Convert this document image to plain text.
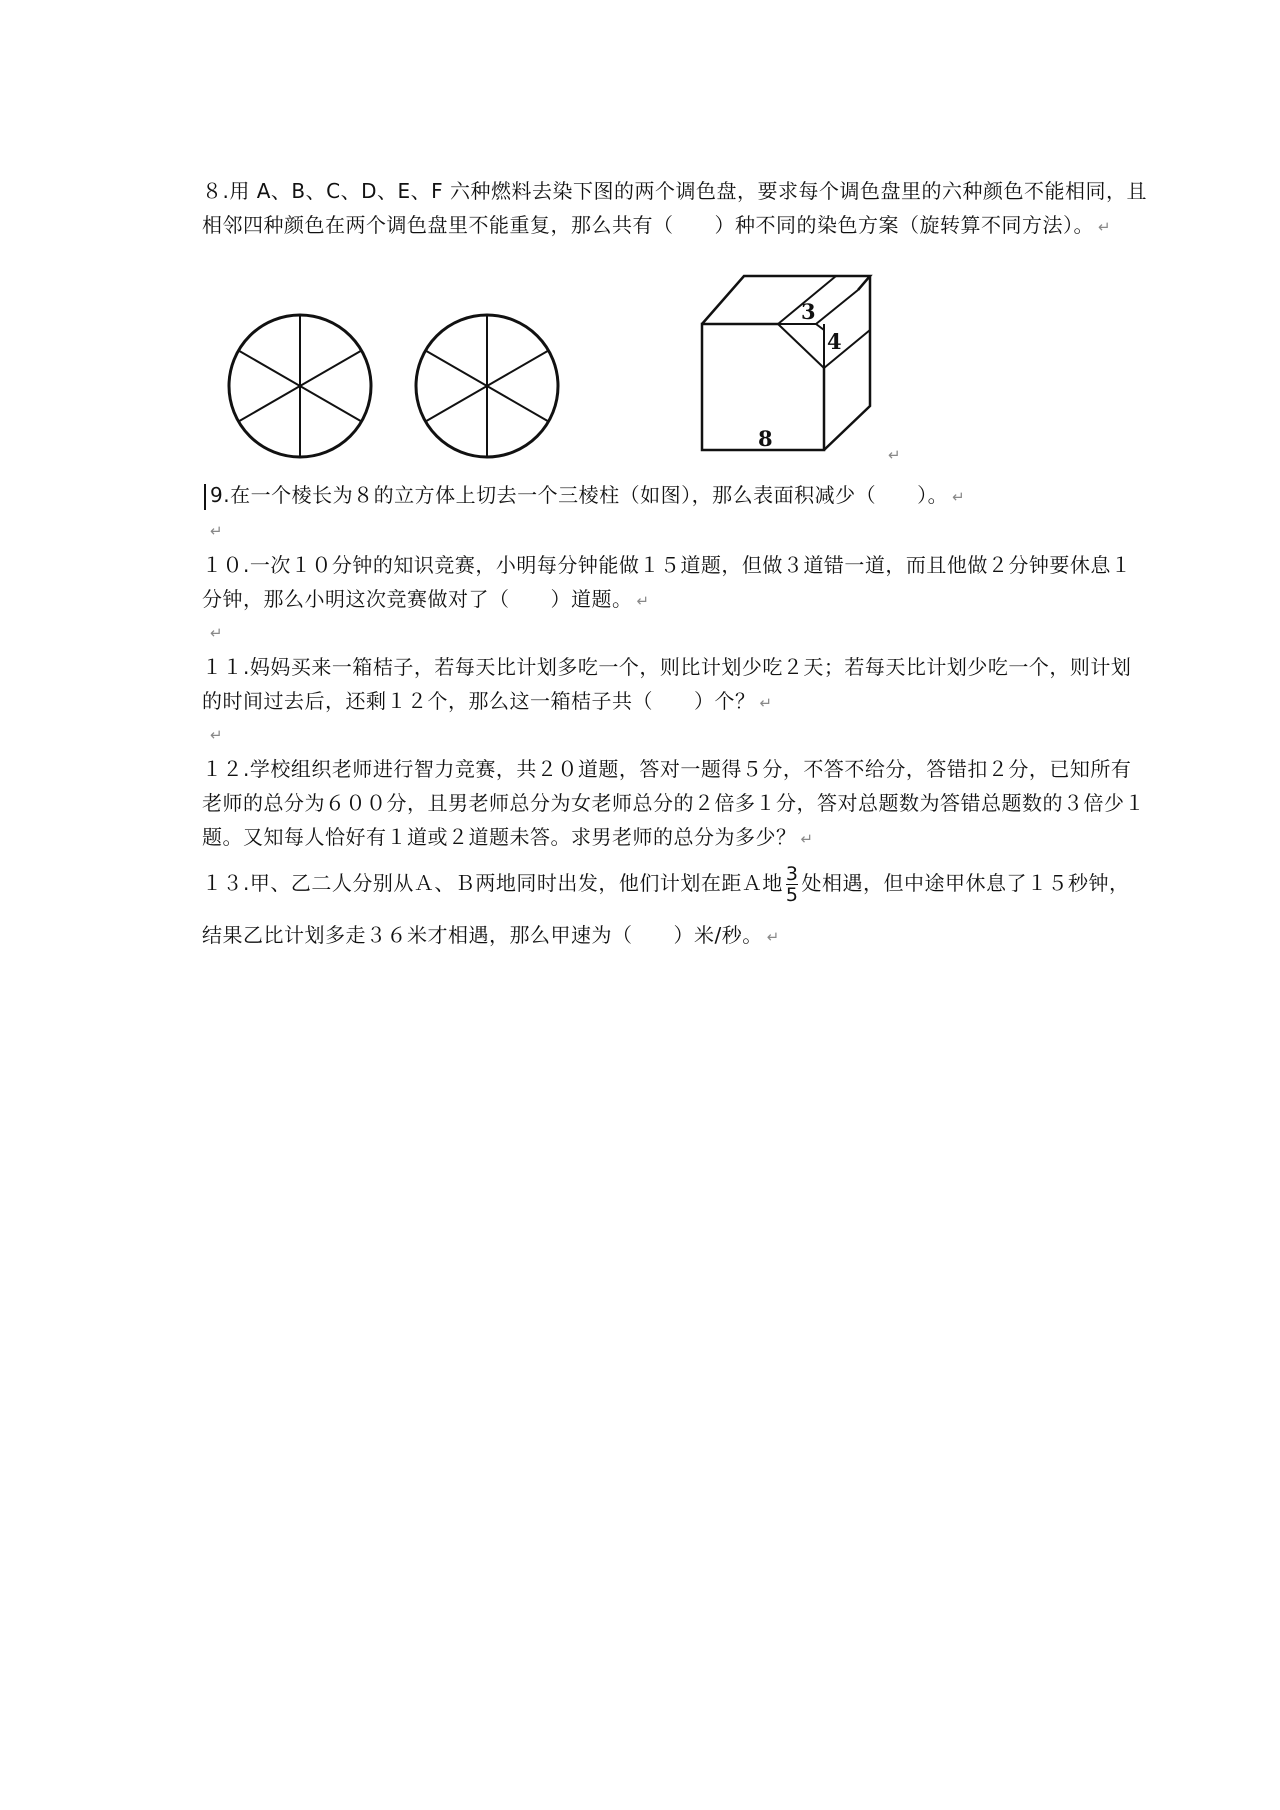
８.用 A、B、C、D、E、F 六种燃料去染下图的两个调色盘，要求每个调色盘里的六种颜色不能相同，且
相邻四种颜色在两个调色盘里不能重复，那么共有（　　）种不同的染色方案（旋转算不同方法）。 ↵
3
4
8
↵
9.在一个棱长为８的立方体上切去一个三棱柱（如图），那么表面积减少（　　）。 ↵
↵
１０.一次１０分钟的知识竞赛，小明每分钟能做１５道题，但做３道错一道，而且他做２分钟要休息１
分钟，那么小明这次竞赛做对了（　　）道题。 ↵
↵
１１.妈妈买来一箱桔子，若每天比计划多吃一个，则比计划少吃２天；若每天比计划少吃一个，则计划
的时间过去后，还剩１２个，那么这一箱桔子共（　　）个？ ↵
↵
１２.学校组织老师进行智力竞赛，共２０道题，答对一题得５分，不答不给分，答错扣２分，已知所有
老师的总分为６００分，且男老师总分为女老师总分的２倍多１分，答对总题数为答错总题数的３倍少１
题。又知每人恰好有１道或２道题未答。求男老师的总分为多少？ ↵
１３.甲、乙二人分别从Ａ、Ｂ两地同时出发，他们计划在距Ａ地 $\frac{3}{5}$ 处相遇，但中途甲休息了１５秒钟，
结果乙比计划多走３６米才相遇，那么甲速为（　　）米/秒。 ↵
